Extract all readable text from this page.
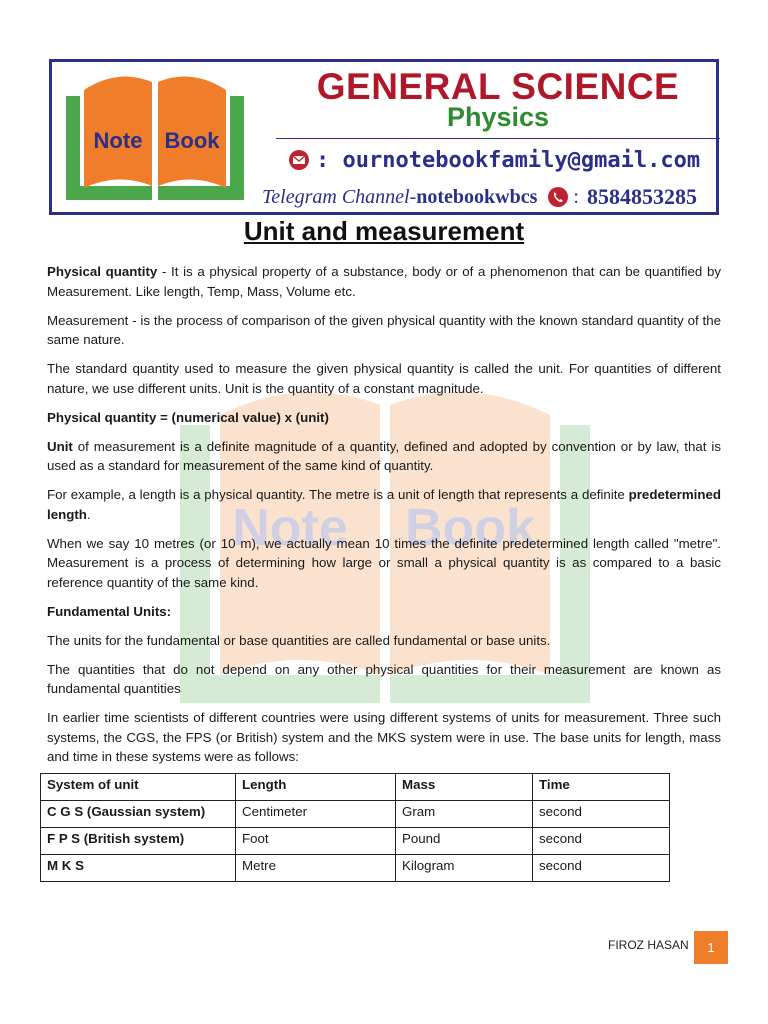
Note Book
GENERAL SCIENCE
Physics
: ournotebookfamily@gmail.com
Telegram Channel- notebookwbcs : 8584853285
Note Book
Unit and measurement

Physical quantity - It is a physical property of a substance, body or of a phenomenon that can be quantified by Measurement. Like length, Temp, Mass, Volume etc.

Measurement - is the process of comparison of the given physical quantity with the known standard quantity of the same nature.

The standard quantity used to measure the given physical quantity is called the unit. For quantities of different nature, we use different units. Unit is the quantity of a constant magnitude.

Physical quantity = (numerical value) x (unit)

Unit of measurement is a definite magnitude of a quantity, defined and adopted by convention or by law, that is used as a standard for measurement of the same kind of quantity.

For example, a length is a physical quantity. The metre is a unit of length that represents a definite predetermined length.

When we say 10 metres (or 10 m), we actually mean 10 times the definite predetermined length called "metre". Measurement is a process of determining how large or small a physical quantity is as compared to a basic reference quantity of the same kind.

Fundamental Units:

The units for the fundamental or base quantities are called fundamental or base units.

The quantities that do not depend on any other physical quantities for their measurement are known as fundamental quantities

In earlier time scientists of different countries were using different systems of units for measurement. Three such systems, the CGS, the FPS (or British) system and the MKS system were in use. The base units for length, mass and time in these systems were as follows:

System of unit	Length	Mass	Time
C G S (Gaussian system)	Centimeter	Gram	second
F P S (British system)	Foot	Pound	second
M K S	Metre	Kilogram	second
FIROZ HASAN	1
